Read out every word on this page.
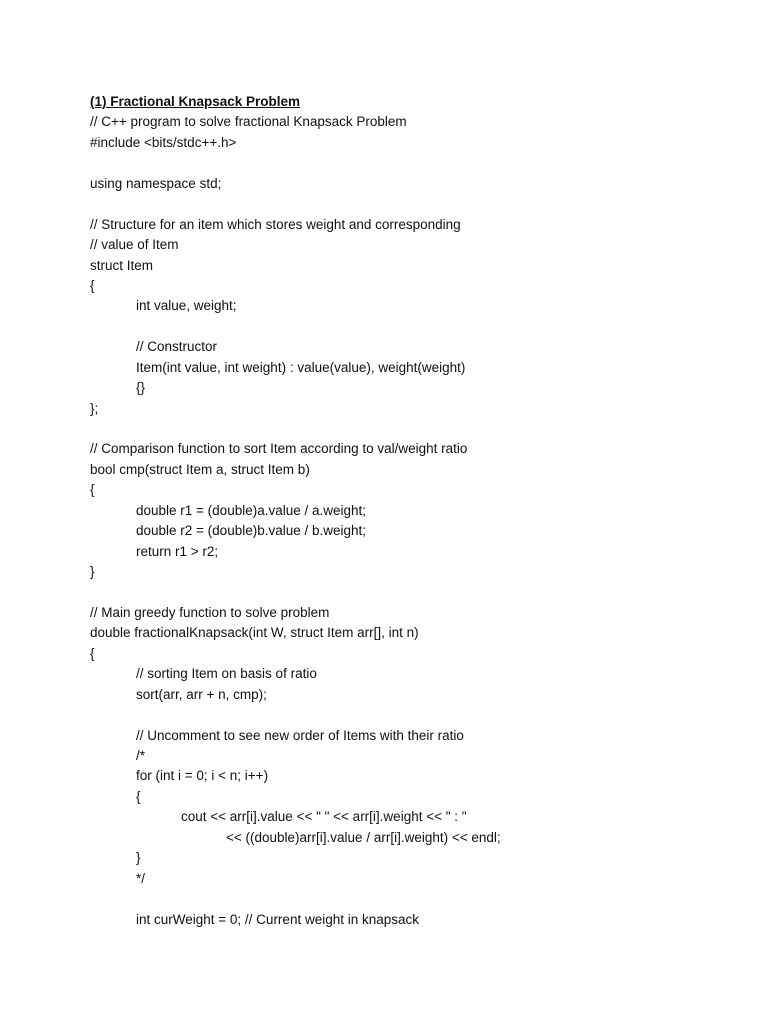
(1) Fractional Knapsack Problem
// C++ program to solve fractional Knapsack Problem
#include <bits/stdc++.h>
using namespace std;
// Structure for an item which stores weight and corresponding
// value of Item
struct Item
{
int value, weight;
// Constructor
Item(int value, int weight) : value(value), weight(weight)
{}
};
// Comparison function to sort Item according to val/weight ratio
bool cmp(struct Item a, struct Item b)
{
double r1 = (double)a.value / a.weight;
double r2 = (double)b.value / b.weight;
return r1 > r2;
}
// Main greedy function to solve problem
double fractionalKnapsack(int W, struct Item arr[], int n)
{
// sorting Item on basis of ratio
sort(arr, arr + n, cmp);
// Uncomment to see new order of Items with their ratio
/*
for (int i = 0; i < n; i++)
{
cout << arr[i].value << " " << arr[i].weight << " : "
<< ((double)arr[i].value / arr[i].weight) << endl;
}
*/
int curWeight = 0; // Current weight in knapsack
